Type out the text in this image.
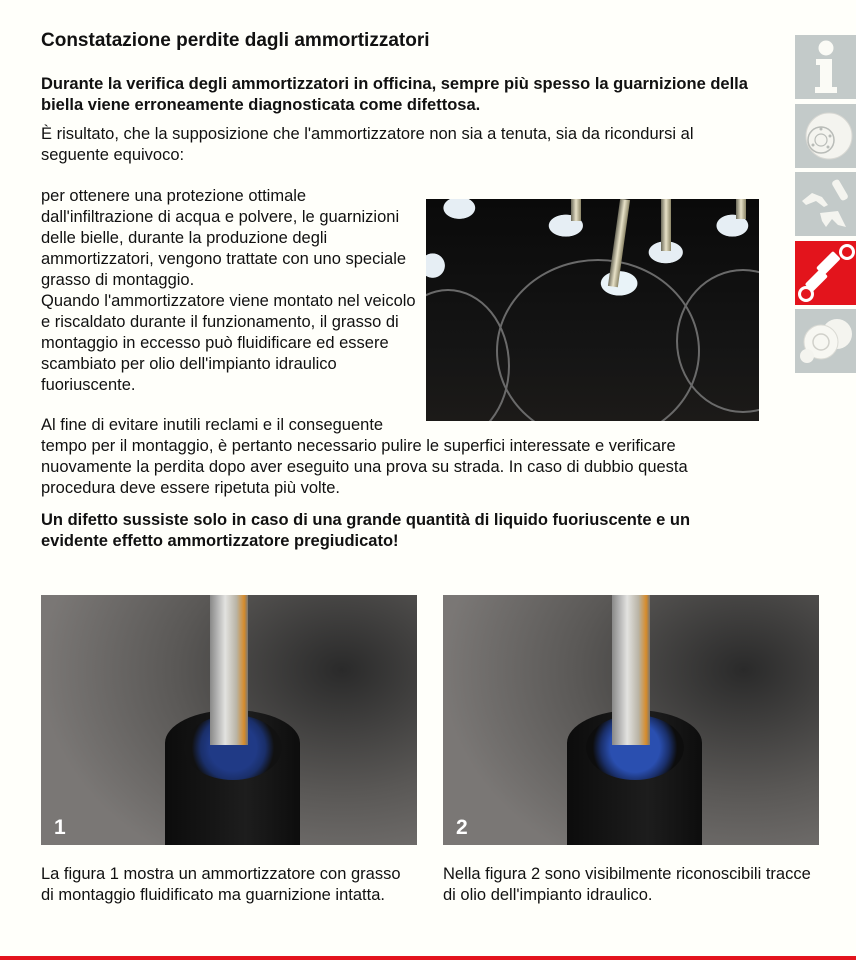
Constatazione perdite dagli ammortizzatori

Durante la verifica degli ammortizzatori in officina, sempre più spesso la guarnizione della biella viene erroneamente diagnosticata come difettosa.

È risultato, che la supposizione che l'ammortizzatore non sia a tenuta, sia da ricondursi al seguente equivoco:

per ottenere una protezione ottimale dall'infiltrazione di acqua e polvere, le guarnizioni delle bielle, durante la produzione degli ammortizzatori, vengono trattate con uno speciale grasso di montaggio.

Quando l'ammortizzatore viene montato nel veicolo e riscaldato durante il funzionamento, il grasso di montaggio in eccesso può fluidificare ed essere scambiato per olio dell'impianto idraulico fuoriuscente.

Al fine di evitare inutili reclami e il conseguente

tempo per il montaggio, è pertanto necessario pulire le superfici interessate e verificare nuovamente la perdita dopo aver eseguito una prova su strada. In caso di dubbio questa procedura deve essere ripetuta più volte.

Un difetto sussiste solo in caso di una grande quantità di liquido fuoriuscente e un evidente effetto ammortizzatore pregiudicato!

1	2

La figura 1 mostra un ammortizzatore con grasso di montaggio fluidificato ma guarnizione intatta.

Nella figura 2 sono visibilmente riconoscibili tracce di olio dell'impianto idraulico.
